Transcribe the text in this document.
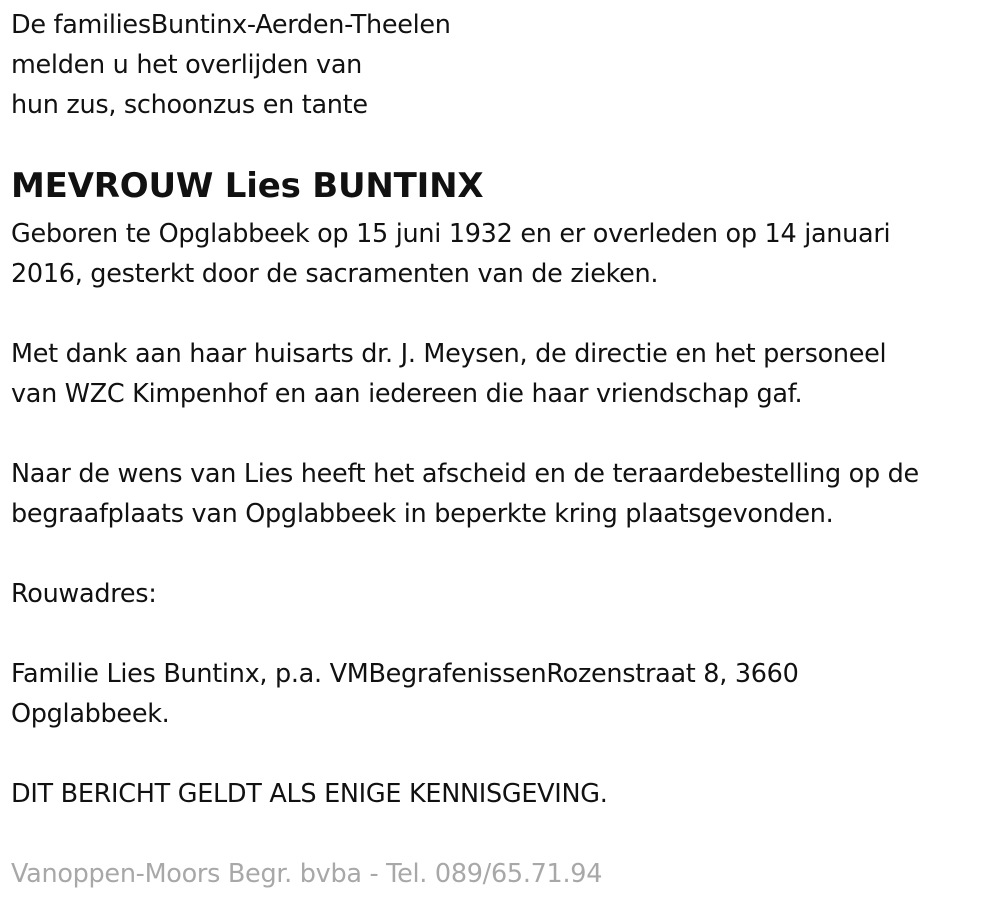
De familiesBuntinx-Aerden-Theelen
melden u het overlijden van
hun zus, schoonzus en tante
MEVROUW Lies BUNTINX
Geboren te Opglabbeek op 15 juni 1932 en er overleden op 14 januari
2016, gesterkt door de sacramenten van de zieken.
Met dank aan haar huisarts dr. J. Meysen, de directie en het personeel
van WZC Kimpenhof en aan iedereen die haar vriendschap gaf.
Naar de wens van Lies heeft het afscheid en de teraardebestelling op de
begraafplaats van Opglabbeek in beperkte kring plaatsgevonden.
Rouwadres:
Familie Lies Buntinx, p.a. VMBegrafenissenRozenstraat 8, 3660
Opglabbeek.
DIT BERICHT GELDT ALS ENIGE KENNISGEVING.
Vanoppen-Moors Begr. bvba - Tel. 089/65.71.94
